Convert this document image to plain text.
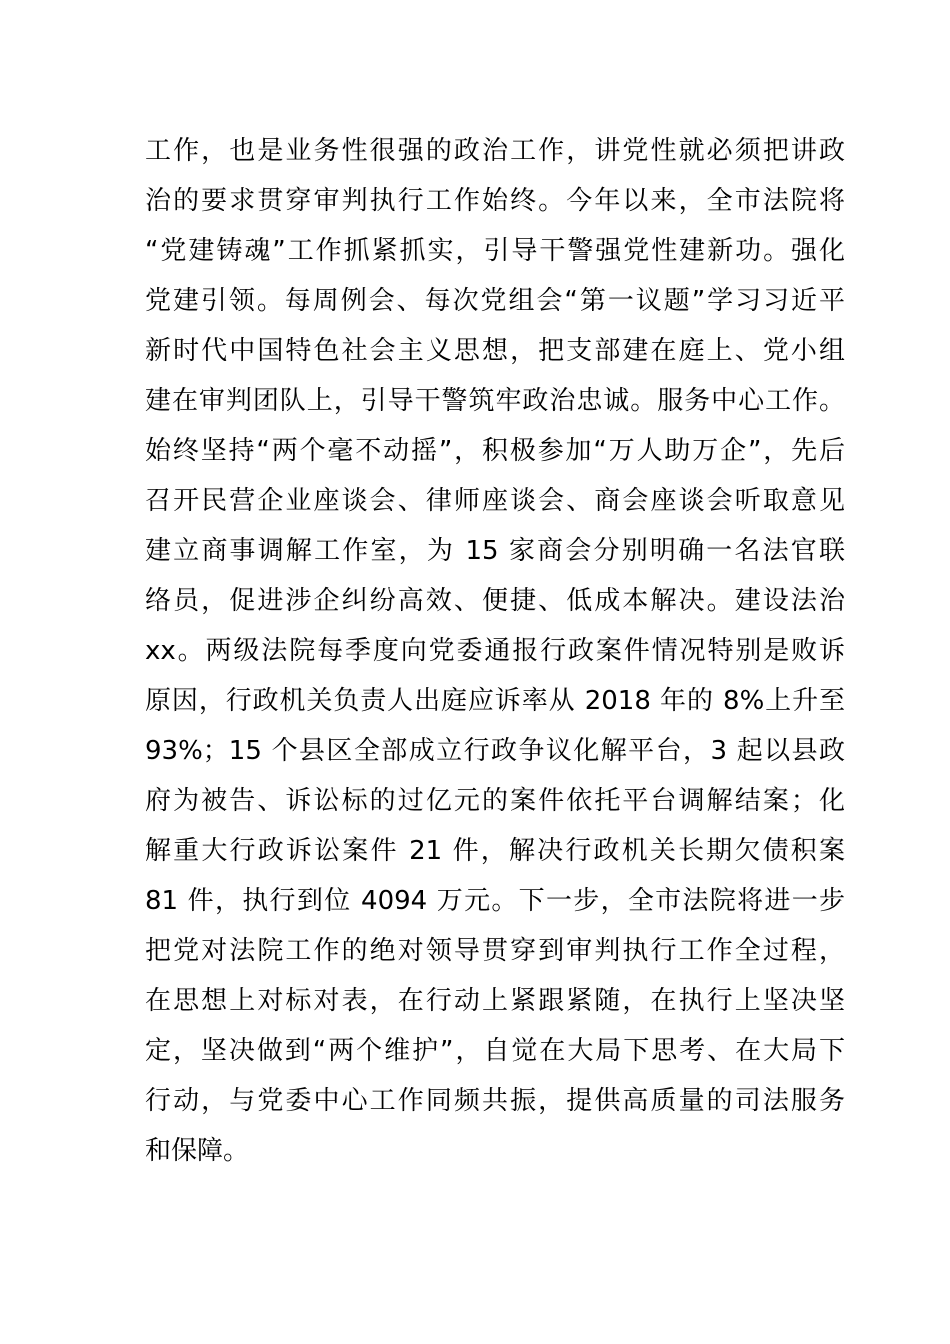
工作，也是业务性很强的政治工作，讲党性就必须把讲政
治的要求贯穿审判执行工作始终。今年以来，全市法院将
“党建铸魂”工作抓紧抓实，引导干警强党性建新功。强化
党建引领。每周例会、每次党组会“第一议题”学习习近平
新时代中国特色社会主义思想，把支部建在庭上、党小组
建在审判团队上，引导干警筑牢政治忠诚。服务中心工作。
始终坚持“两个毫不动摇”，积极参加“万人助万企”，先后
召开民营企业座谈会、律师座谈会、商会座谈会听取意见
建立商事调解工作室，为 15 家商会分别明确一名法官联
络员，促进涉企纠纷高效、便捷、低成本解决。建设法治
xx。两级法院每季度向党委通报行政案件情况特别是败诉
原因，行政机关负责人出庭应诉率从 2018 年的 8%上升至
93%；15 个县区全部成立行政争议化解平台，3 起以县政
府为被告、诉讼标的过亿元的案件依托平台调解结案；化
解重大行政诉讼案件 21 件，解决行政机关长期欠债积案
81 件，执行到位 4094 万元。下一步，全市法院将进一步
把党对法院工作的绝对领导贯穿到审判执行工作全过程，
在思想上对标对表，在行动上紧跟紧随，在执行上坚决坚
定，坚决做到“两个维护”，自觉在大局下思考、在大局下
行动，与党委中心工作同频共振，提供高质量的司法服务
和保障。
